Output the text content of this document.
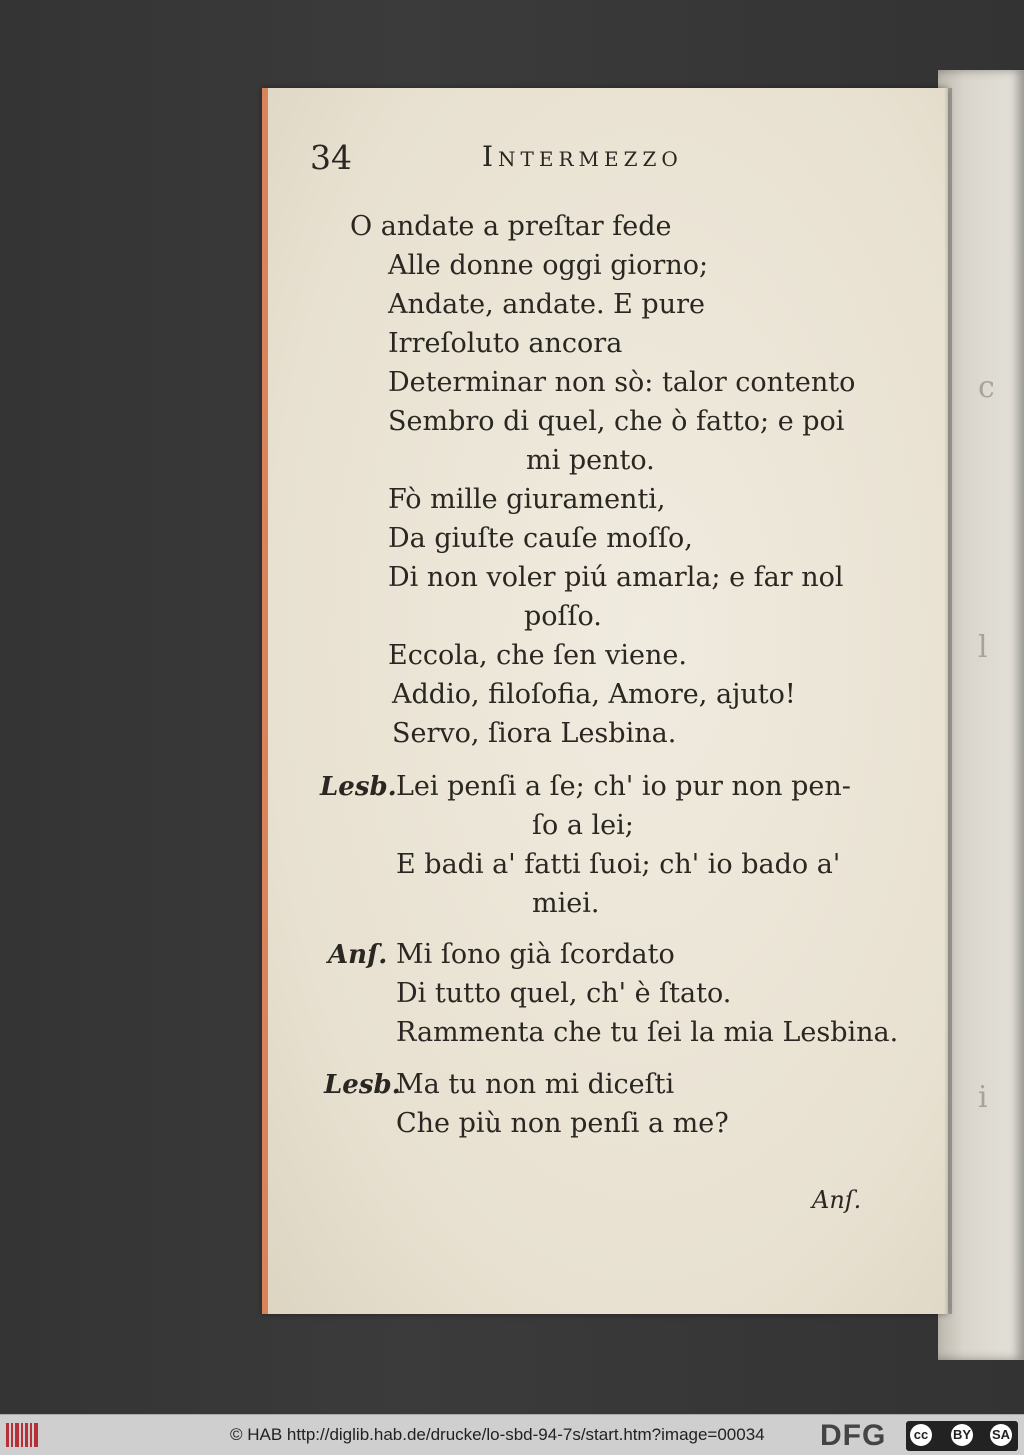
c
l
i
34	Intermezzo
O andate a preſtar fede
Alle donne oggi giorno;
Andate, andate. E pure
Irreſoluto ancora
Determinar non sò: talor contento
Sembro di quel, che ò fatto; e poi
mi pento.
Fò mille giuramenti,
Da giuſte cauſe moſſo,
Di non voler piú amarla; e far nol
poſſo.
Eccola, che ſen viene.
Addio, filoſofia, Amore, ajuto!
Servo, ſiora Lesbina.
Lesb. Lei penſi a ſe; ch' io pur non pen-
ſo a lei;
E badi a' fatti ſuoi; ch' io bado a'
miei.
Anſ. Mi ſono già ſcordato
Di tutto quel, ch' è ſtato.
Rammenta che tu ſei la mia Lesbina.
Lesb.
Ma tu non mi diceſti
Che più non penſi a me?
Anſ.
© HAB http://diglib.hab.de/drucke/lo-sbd-94-7s/start.htm?image=00034 DFG cc BY SA
